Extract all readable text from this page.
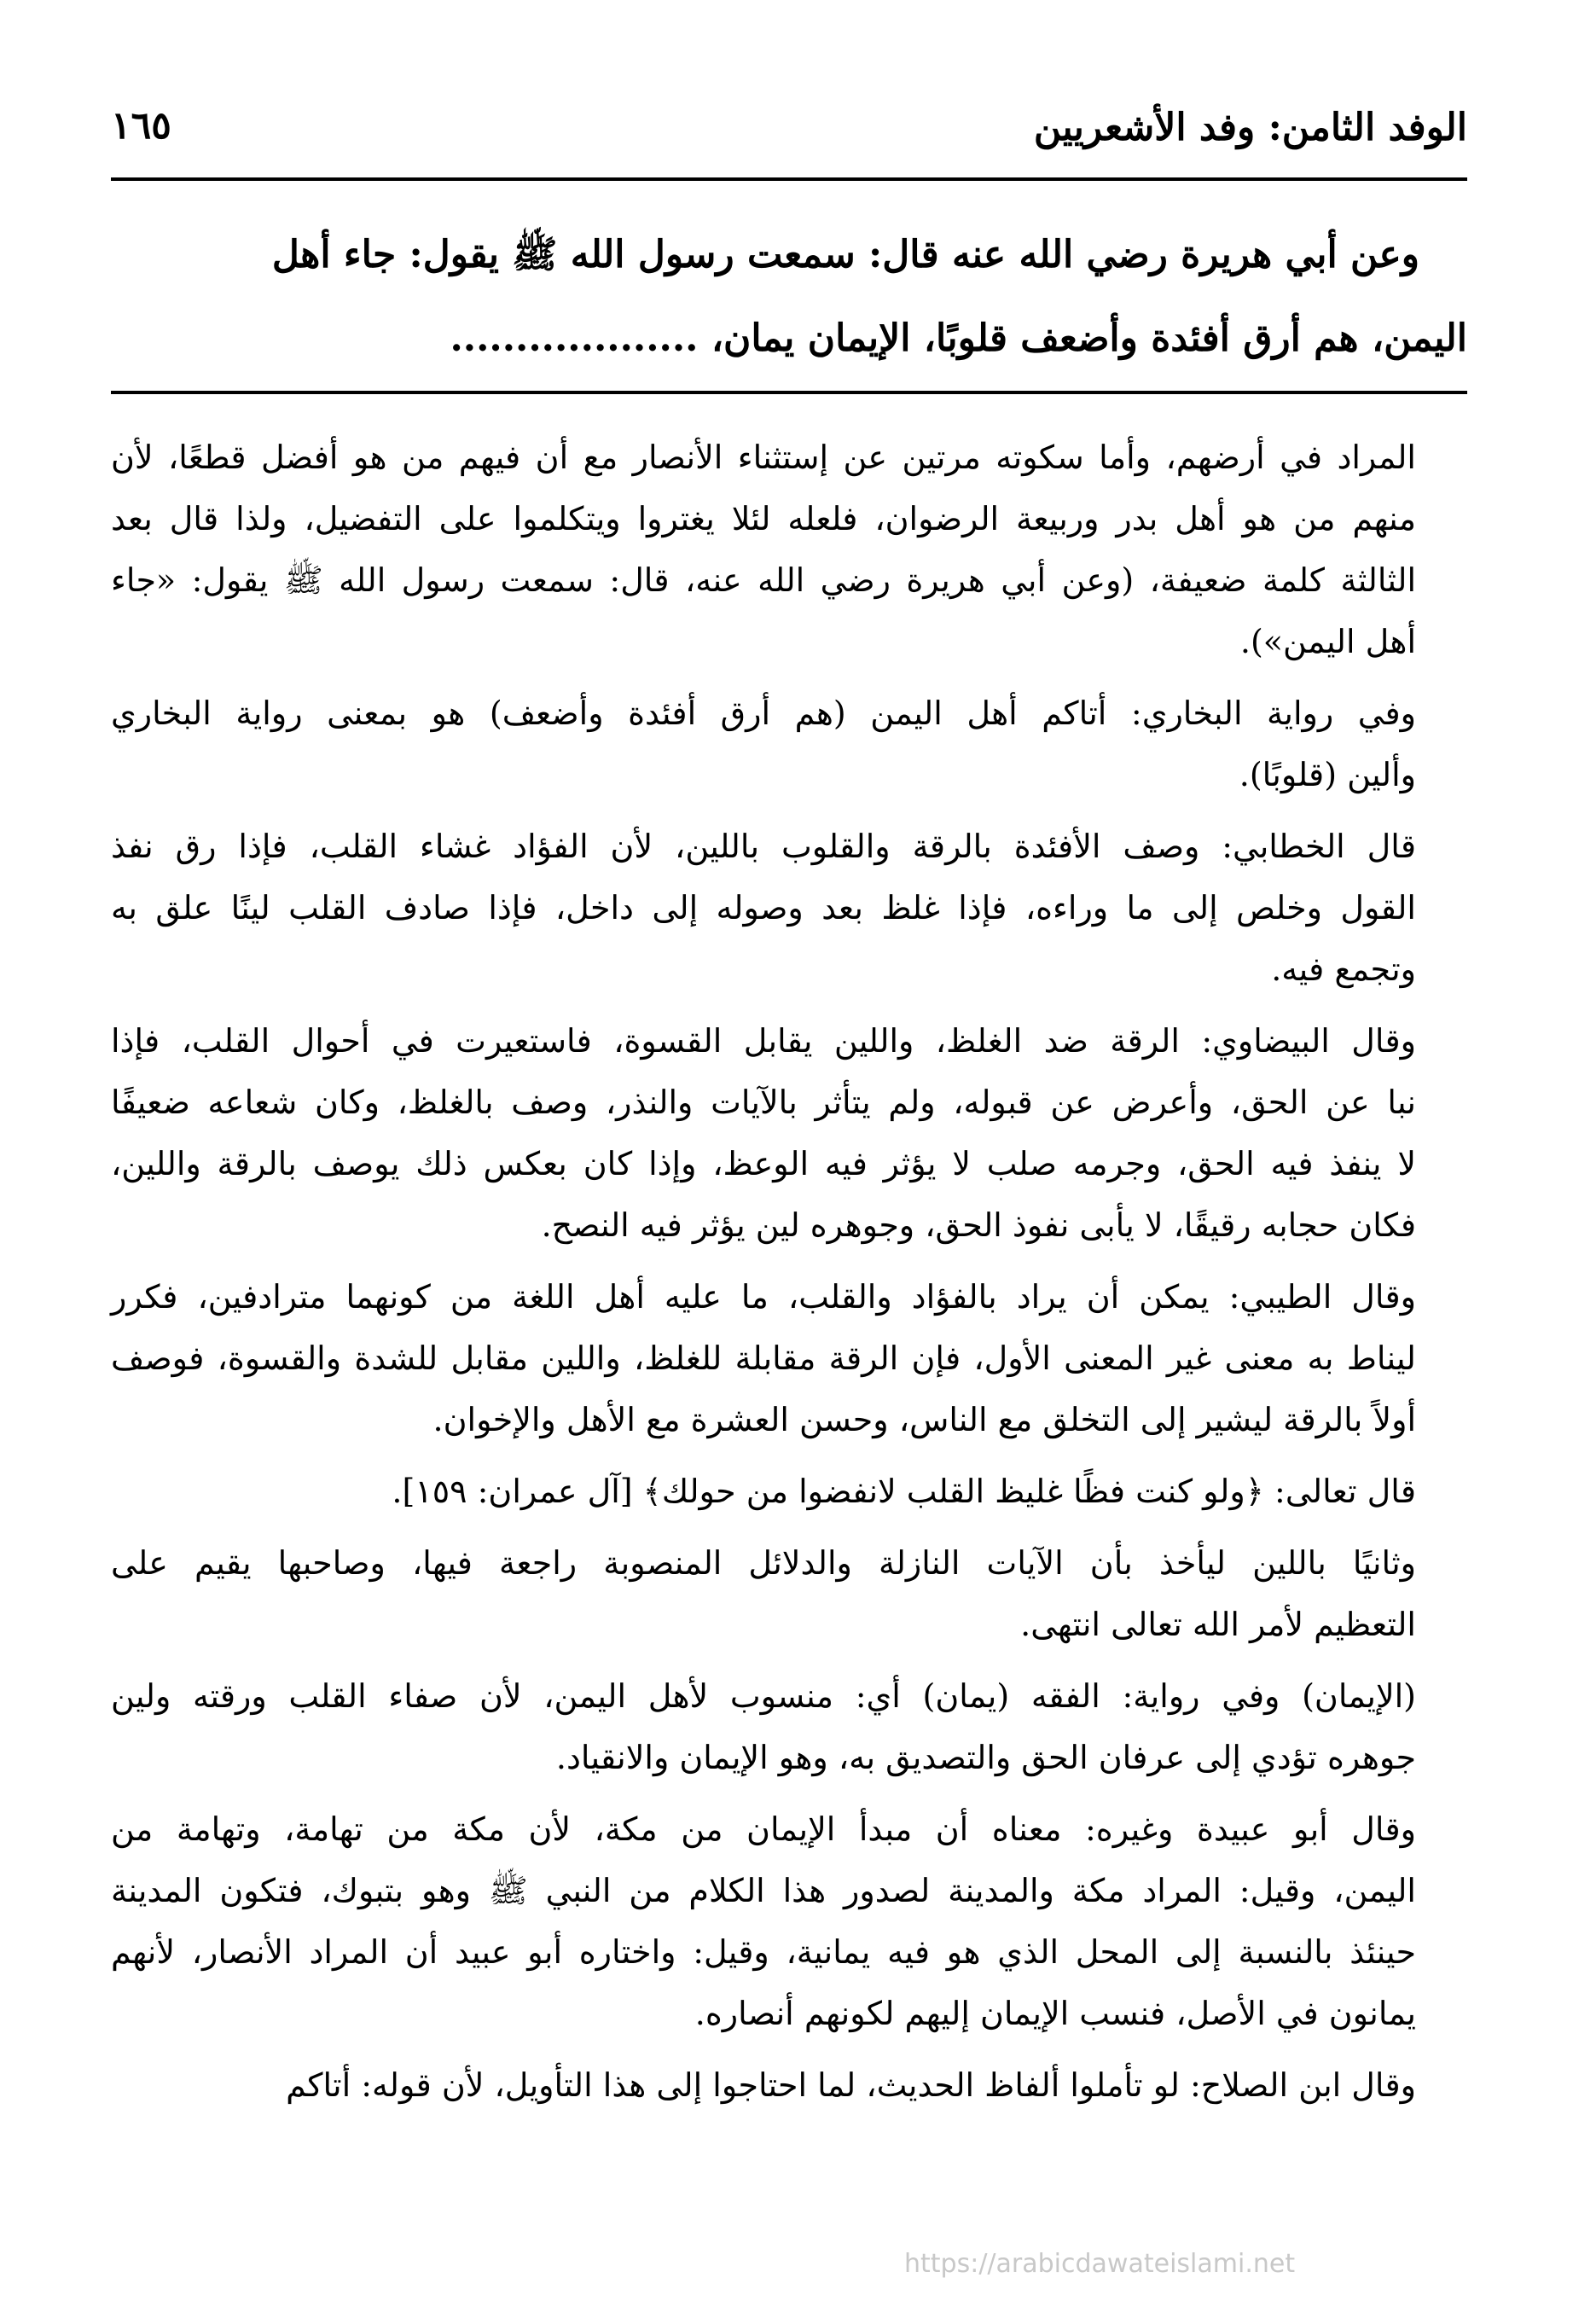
الوفد الثامن: وفد الأشعريين
١٦٥
وعن أبي هريرة رضي الله عنه قال: سمعت رسول الله ﷺ يقول: جاء أهل
اليمن، هم أرق أفئدة وأضعف قلوبًا، الإيمان يمان، ...................

المراد في أرضهم، وأما سكوته مرتين عن إستثناء الأنصار مع أن فيهم من هو أفضل قطعًا، لأن
منهم من هو أهل بدر وربيعة الرضوان، فلعله لئلا يغتروا ويتكلموا على التفضيل، ولذا قال بعد
الثالثة كلمة ضعيفة، (وعن أبي هريرة رضي الله عنه، قال: سمعت رسول الله ﷺ يقول: «جاء
أهل اليمن»).

وفي رواية البخاري: أتاكم أهل اليمن (هم أرق أفئدة وأضعف) هو بمعنى رواية البخاري
وألين (قلوبًا).

قال الخطابي: وصف الأفئدة بالرقة والقلوب باللين، لأن الفؤاد غشاء القلب، فإذا رق نفذ
القول وخلص إلى ما وراءه، فإذا غلظ بعد وصوله إلى داخل، فإذا صادف القلب لينًا علق به
وتجمع فيه.

وقال البيضاوي: الرقة ضد الغلظ، واللين يقابل القسوة، فاستعيرت في أحوال القلب، فإذا
نبا عن الحق، وأعرض عن قبوله، ولم يتأثر بالآيات والنذر، وصف بالغلظ، وكان شعاعه ضعيفًا
لا ينفذ فيه الحق، وجرمه صلب لا يؤثر فيه الوعظ، وإذا كان بعكس ذلك يوصف بالرقة واللين،
فكان حجابه رقيقًا، لا يأبى نفوذ الحق، وجوهره لين يؤثر فيه النصح.

وقال الطيبي: يمكن أن يراد بالفؤاد والقلب، ما عليه أهل اللغة من كونهما مترادفين، فكرر
ليناط به معنى غير المعنى الأول، فإن الرقة مقابلة للغلظ، واللين مقابل للشدة والقسوة، فوصف
أولاً بالرقة ليشير إلى التخلق مع الناس، وحسن العشرة مع الأهل والإخوان.

قال تعالى: ﴿ولو كنت فظًا غليظ القلب لانفضوا من حولك﴾ [آل عمران: ١٥٩].

وثانيًا باللين ليأخذ بأن الآيات النازلة والدلائل المنصوبة راجعة فيها، وصاحبها يقيم على
التعظيم لأمر الله تعالى انتهى.

(الإيمان) وفي رواية: الفقه (يمان) أي: منسوب لأهل اليمن، لأن صفاء القلب ورقته ولين
جوهره تؤدي إلى عرفان الحق والتصديق به، وهو الإيمان والانقياد.

وقال أبو عبيدة وغيره: معناه أن مبدأ الإيمان من مكة، لأن مكة من تهامة، وتهامة من
اليمن، وقيل: المراد مكة والمدينة لصدور هذا الكلام من النبي ﷺ وهو بتبوك، فتكون المدينة
حينئذ بالنسبة إلى المحل الذي هو فيه يمانية، وقيل: واختاره أبو عبيد أن المراد الأنصار، لأنهم
يمانون في الأصل، فنسب الإيمان إليهم لكونهم أنصاره.

وقال ابن الصلاح: لو تأملوا ألفاظ الحديث، لما احتاجوا إلى هذا التأويل، لأن قوله: أتاكم

https://arabicdawateislami.net
